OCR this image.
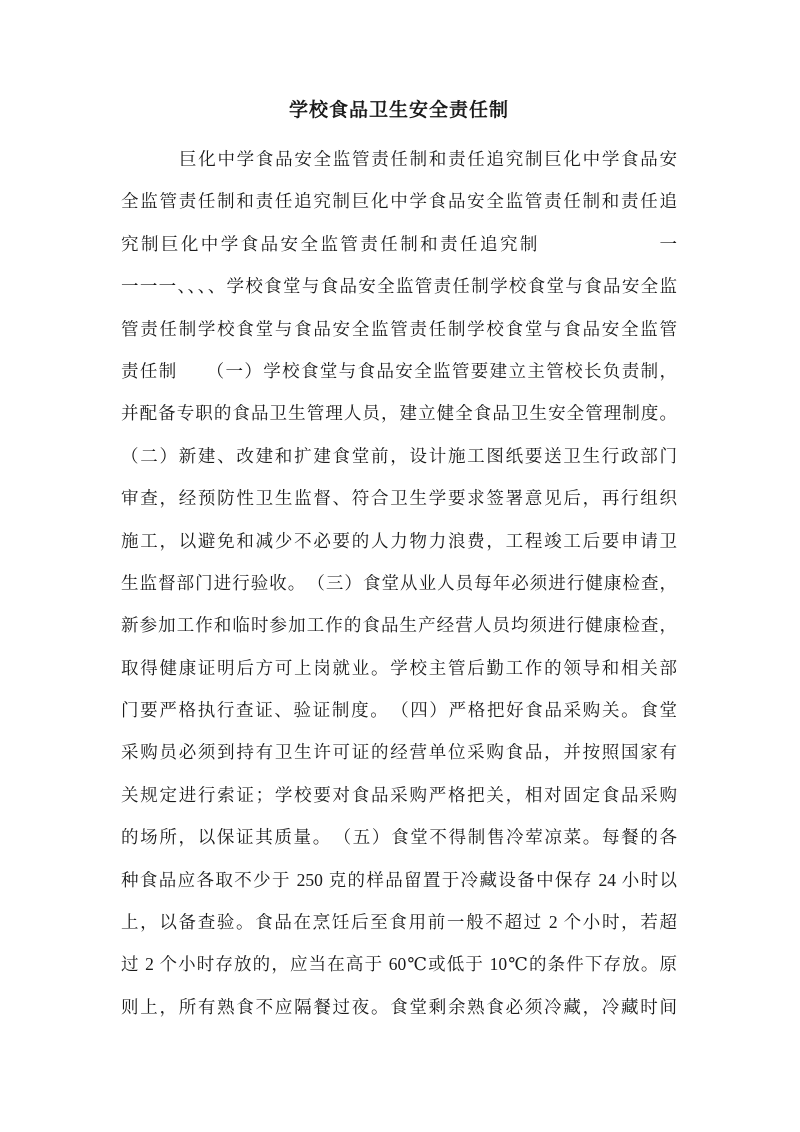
学校食品卫生安全责任制
巨化中学食品安全监管责任制和责任追究制巨化中学食品安
全监管责任制和责任追究制巨化中学食品安全监管责任制和责任追
究制巨化中学食品安全监管责任制和责任追究制　　　　　　一
一一一、、、、学校食堂与食品安全监管责任制学校食堂与食品安全监
管责任制学校食堂与食品安全监管责任制学校食堂与食品安全监管
责任制　　（一）学校食堂与食品安全监管要建立主管校长负责制，
并配备专职的食品卫生管理人员，建立健全食品卫生安全管理制度。
（二）新建、改建和扩建食堂前，设计施工图纸要送卫生行政部门
审查，经预防性卫生监督、符合卫生学要求签署意见后，再行组织
施工，以避免和减少不必要的人力物力浪费，工程竣工后要申请卫
生监督部门进行验收。　（三）食堂从业人员每年必须进行健康检查，
新参加工作和临时参加工作的食品生产经营人员均须进行健康检查，
取得健康证明后方可上岗就业。学校主管后勤工作的领导和相关部
门要严格执行查证、验证制度。　（四）严格把好食品采购关。食堂
采购员必须到持有卫生许可证的经营单位采购食品，并按照国家有
关规定进行索证；学校要对食品采购严格把关，相对固定食品采购
的场所，以保证其质量。　（五）食堂不得制售冷荤凉菜。每餐的各
种食品应各取不少于 250 克的样品留置于冷藏设备中保存 24 小时以
上，以备查验。食品在烹饪后至食用前一般不超过 2 个小时，若超
过 2 个小时存放的，应当在高于 60℃或低于 10℃的条件下存放。原
则上，所有熟食不应隔餐过夜。食堂剩余熟食必须冷藏，冷藏时间
